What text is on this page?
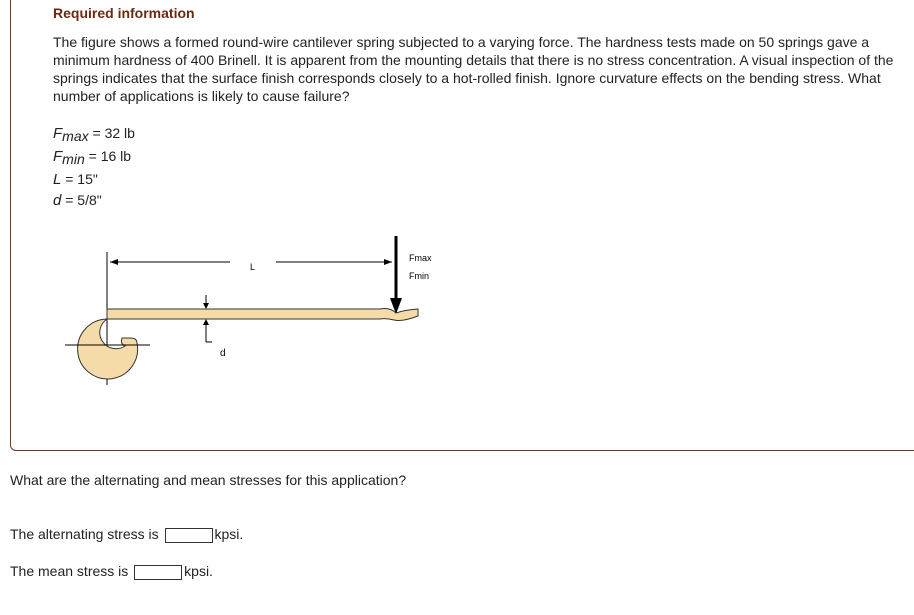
Required information
The figure shows a formed round-wire cantilever spring subjected to a varying force. The hardness tests made on 50 springs gave a minimum hardness of 400 Brinell. It is apparent from the mounting details that there is no stress concentration. A visual inspection of the springs indicates that the surface finish corresponds closely to a hot-rolled finish. Ignore curvature effects on the bending stress. What number of applications is likely to cause failure?
$F_{max} = 32$ lb
$F_{min} = 16$ lb
L = 15"
d = 5/8"
L
Fmax
Fmin
d
What are the alternating and mean stresses for this application?
The alternating stress is	kpsi.
The mean stress is	kpsi.
